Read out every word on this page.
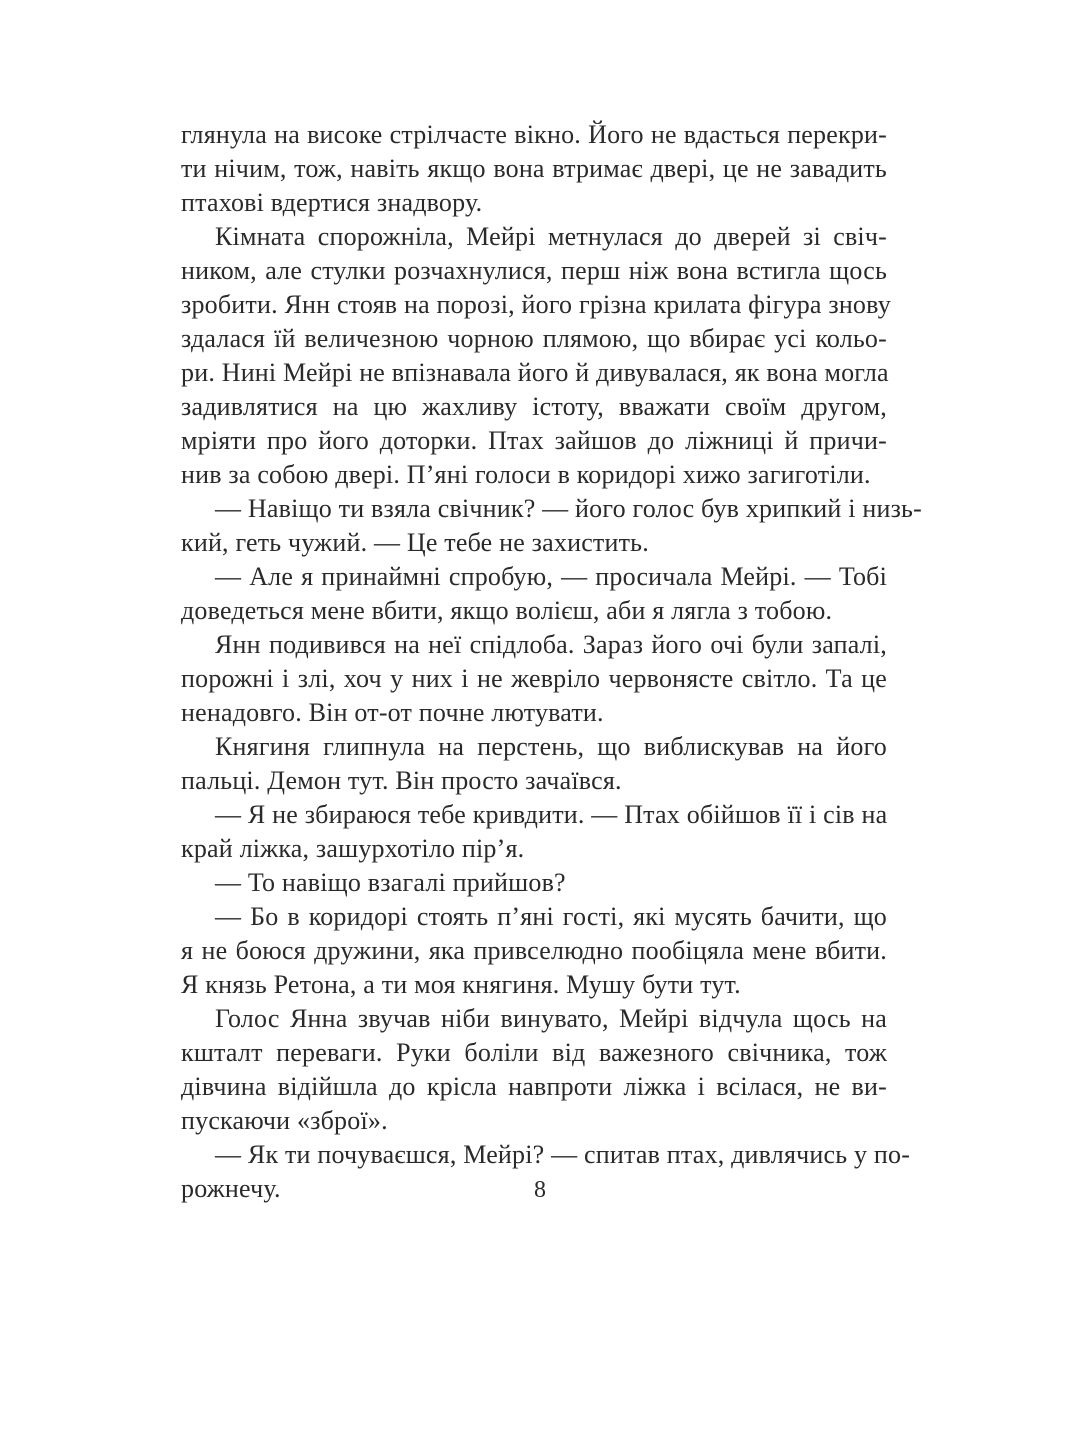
глянула на високе стрілчасте вікно. Його не вдасться перекри-
ти нічим, тож, навіть якщо вона втримає двері, це не завадить
птахові вдертися знадвору.
Кімната спорожніла, Мейрі метнулася до дверей зі свіч-
ником, але стулки розчахнулися, перш ніж вона встигла щось
зробити. Янн стояв на порозі, його грізна крилата фігура знову
здалася їй величезною чорною плямою, що вбирає усі кольо-
ри. Нині Мейрі не впізнавала його й дивувалася, як вона могла
задивлятися на цю жахливу істоту, вважати своїм другом,
мріяти про його доторки. Птах зайшов до ліжниці й причи-
нив за собою двері. П’яні голоси в коридорі хижо загиготіли.
— Навіщо ти взяла свічник? — його голос був хрипкий і низь-
кий, геть чужий. — Це тебе не захистить.
— Але я принаймні спробую, — просичала Мейрі. — Тобі
доведеться мене вбити, якщо волієш, аби я лягла з тобою.
Янн подивився на неї спідлоба. Зараз його очі були запалі,
порожні і злі, хоч у них і не жевріло червонясте світло. Та це
ненадовго. Він от-от почне лютувати.
Княгиня глипнула на перстень, що виблискував на його
пальці. Демон тут. Він просто зачаївся.
— Я не збираюся тебе кривдити. — Птах обійшов її і сів на
край ліжка, зашурхотіло пір’я.
— То навіщо взагалі прийшов?
— Бо в коридорі стоять п’яні гості, які мусять бачити, що
я не боюся дружини, яка привселюдно пообіцяла мене вбити.
Я князь Ретона, а ти моя княгиня. Мушу бути тут.
Голос Янна звучав ніби винувато, Мейрі відчула щось на
кшталт переваги. Руки боліли від важезного свічника, тож
дівчина відійшла до крісла навпроти ліжка і всілася, не ви-
пускаючи «зброї».
— Як ти почуваєшся, Мейрі? — спитав птах, дивлячись у по-
рожнечу.	8
